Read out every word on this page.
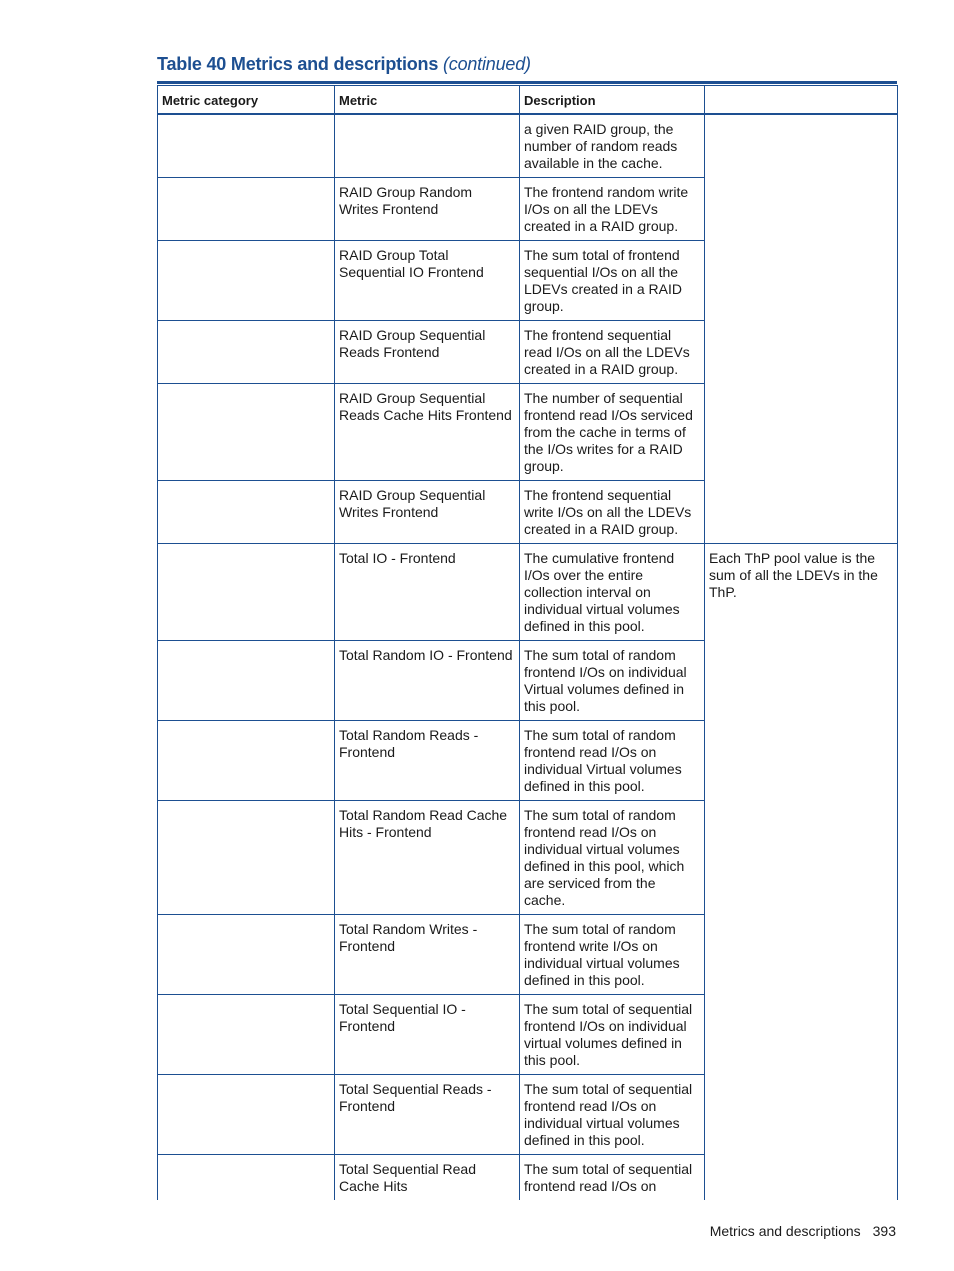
Table 40 Metrics and descriptions (continued)
Metric category	Metric	Description	
		a given RAID group, the number of random reads available in the cache.	
	RAID Group Random Writes Frontend	The frontend random write I/Os on all the LDEVs created in a RAID group.	
	RAID Group Total Sequential IO Frontend	The sum total of frontend sequential I/Os on all the LDEVs created in a RAID group.	
	RAID Group Sequential Reads Frontend	The frontend sequential read I/Os on all the LDEVs created in a RAID group.	
	RAID Group Sequential Reads Cache Hits Frontend	The number of sequential frontend read I/Os serviced from the cache in terms of the I/Os writes for a RAID group.	
	RAID Group Sequential Writes Frontend	The frontend sequential write I/Os on all the LDEVs created in a RAID group.	
	Total IO - Frontend	The cumulative frontend I/Os over the entire collection interval on individual virtual volumes defined in this pool.	Each ThP pool value is the sum of all the LDEVs in the ThP.
	Total Random IO - Frontend	The sum total of random frontend I/Os on individual Virtual volumes defined in this pool.	
	Total Random Reads - Frontend	The sum total of random frontend read I/Os on individual Virtual volumes defined in this pool.	
	Total Random Read Cache Hits - Frontend	The sum total of random frontend read I/Os on individual virtual volumes defined in this pool, which are serviced from the cache.	
	Total Random Writes - Frontend	The sum total of random frontend write I/Os on individual virtual volumes defined in this pool.	
	Total Sequential IO - Frontend	The sum total of sequential frontend I/Os on individual virtual volumes defined in this pool.	
	Total Sequential Reads - Frontend	The sum total of sequential frontend read I/Os on individual virtual volumes defined in this pool.	
	Total Sequential Read Cache Hits	The sum total of sequential frontend read I/Os on	
Metrics and descriptions 393
